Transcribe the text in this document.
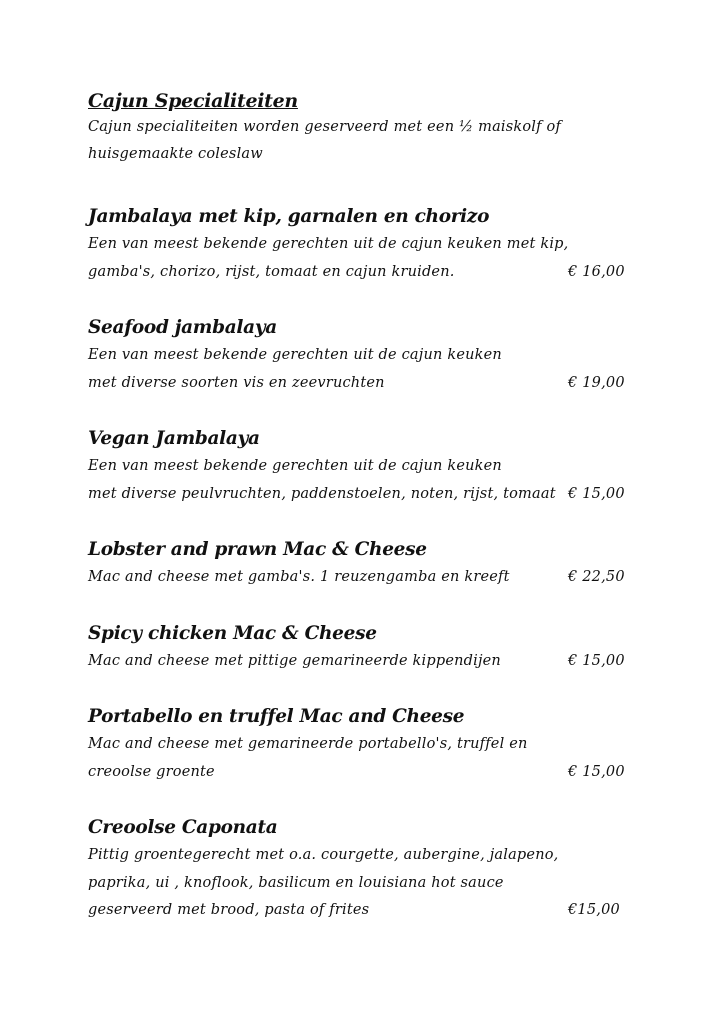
Cajun Specialiteiten
Cajun specialiteiten worden geserveerd met een ½ maiskolf of
huisgemaakte coleslaw
Jambalaya met kip, garnalen en chorizo
Een van meest bekende gerechten uit de cajun keuken met kip,
gamba's, chorizo, rijst, tomaat en cajun kruiden.	€ 16,00
Seafood jambalaya
Een van meest bekende gerechten uit de cajun keuken
met diverse soorten vis en zeevruchten	€ 19,00
Vegan Jambalaya
Een van meest bekende gerechten uit de cajun keuken
met diverse peulvruchten, paddenstoelen, noten, rijst, tomaat € 15,00
Lobster and prawn Mac & Cheese
Mac and cheese met gamba's. 1 reuzengamba en kreeft	€ 22,50
Spicy chicken Mac & Cheese
Mac and cheese met pittige gemarineerde kippendijen	€ 15,00
Portabello en truffel Mac and Cheese
Mac and cheese met gemarineerde portabello's, truffel en
creoolse groente	€ 15,00
Creoolse Caponata
Pittig groentegerecht met o.a. courgette, aubergine, jalapeno,
paprika, ui , knoflook, basilicum en louisiana hot sauce
geserveerd met brood, pasta of frites	€15,00
